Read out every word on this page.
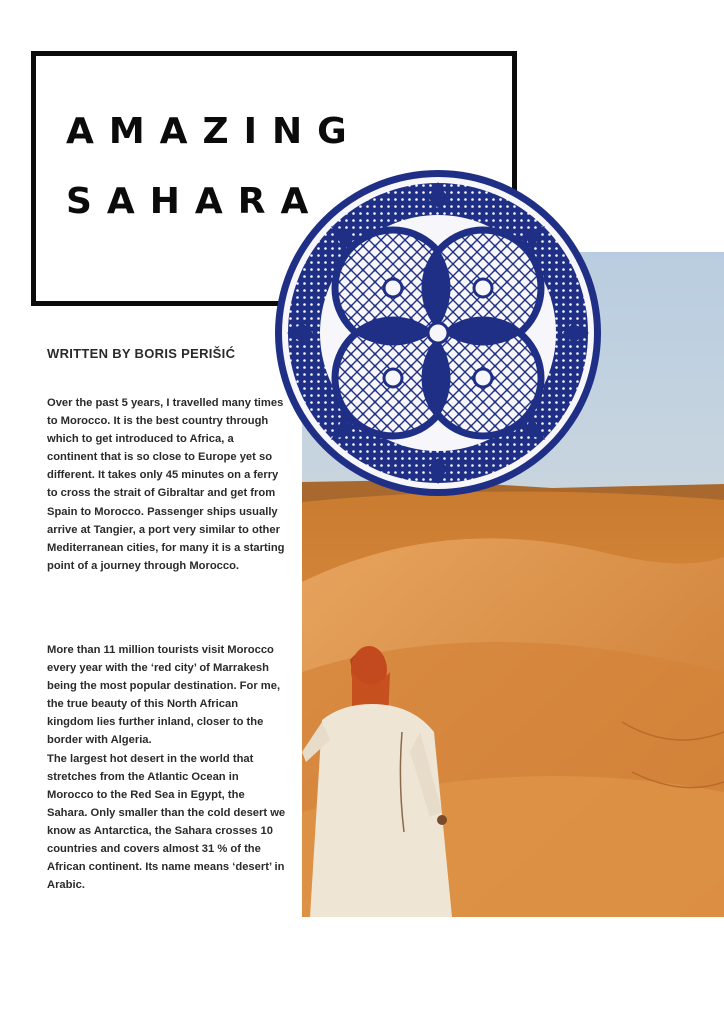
AMAZING
SAHARA
WRITTEN BY BORIS PERIŠIĆ

Over the past 5 years, I travelled many times to Morocco. It is the best country through which to get introduced to Africa, a continent that is so close to Europe yet so different. It takes only 45 minutes on a ferry to cross the strait of Gibraltar and get from Spain to Morocco. Passenger ships usually arrive at Tangier, a port very similar to other Mediterranean cities, for many it is a starting point of a journey through Morocco.

More than 11 million tourists visit Morocco every year with the ‘red city’ of Marrakesh being the most popular destination. For me, the true beauty of this North African kingdom lies further inland, closer to the border with Algeria.

The largest hot desert in the world that stretches from the Atlantic Ocean in Morocco to the Red Sea in Egypt, the Sahara. Only smaller than the cold desert we know as Antarctica, the Sahara crosses 10 countries and covers almost 31 % of the African continent. Its name means ‘desert’ in Arabic.
